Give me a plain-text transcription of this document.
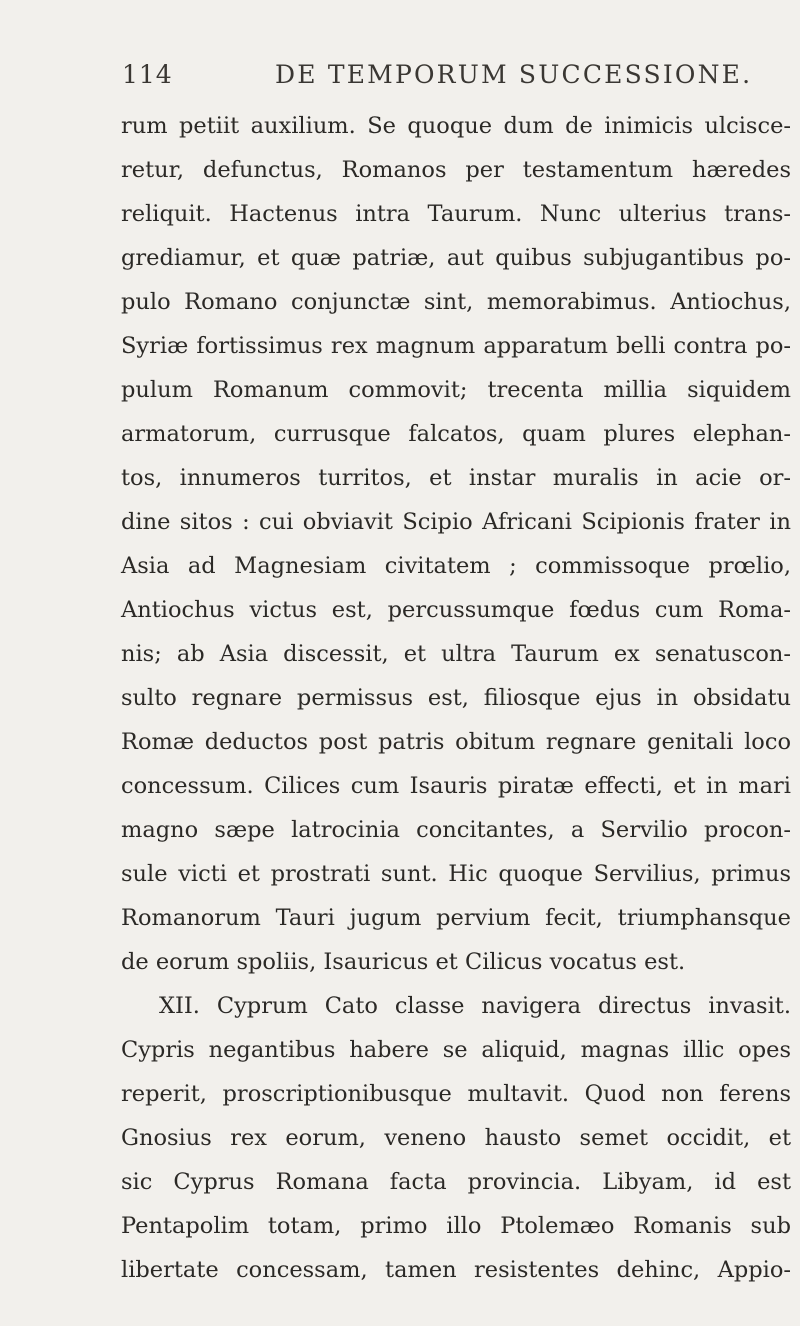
114	DE TEMPORUM SUCCESSIONE.
rum petiit auxilium. Se quoque dum de inimicis ulcisce-
retur, defunctus, Romanos per testamentum hæredes
reliquit. Hactenus intra Taurum. Nunc ulterius trans-
grediamur, et quæ patriæ, aut quibus subjugantibus po-
pulo Romano conjunctæ sint, memorabimus. Antiochus,
Syriæ fortissimus rex magnum apparatum belli contra po-
pulum Romanum commovit; trecenta millia siquidem
armatorum, currusque falcatos, quam plures elephan-
tos, innumeros turritos, et instar muralis in acie or-
dine sitos : cui obviavit Scipio Africani Scipionis frater in
Asia ad Magnesiam civitatem ; commissoque prœlio,
Antiochus victus est, percussumque fœdus cum Roma-
nis; ab Asia discessit, et ultra Taurum ex senatuscon-
sulto regnare permissus est, filiosque ejus in obsidatu
Romæ deductos post patris obitum regnare genitali loco
concessum. Cilices cum Isauris piratæ effecti, et in mari
magno sæpe latrocinia concitantes, a Servilio procon-
sule victi et prostrati sunt. Hic quoque Servilius, primus
Romanorum Tauri jugum pervium fecit, triumphansque
de eorum spoliis, Isauricus et Cilicus vocatus est.
XII. Cyprum Cato classe navigera directus invasit.
Cypris negantibus habere se aliquid, magnas illic opes
reperit, proscriptionibusque multavit. Quod non ferens
Gnosius rex eorum, veneno hausto semet occidit, et
sic Cyprus Romana facta provincia. Libyam, id est
Pentapolim totam, primo illo Ptolemæo Romanis sub
libertate concessam, tamen resistentes dehinc, Appio-
